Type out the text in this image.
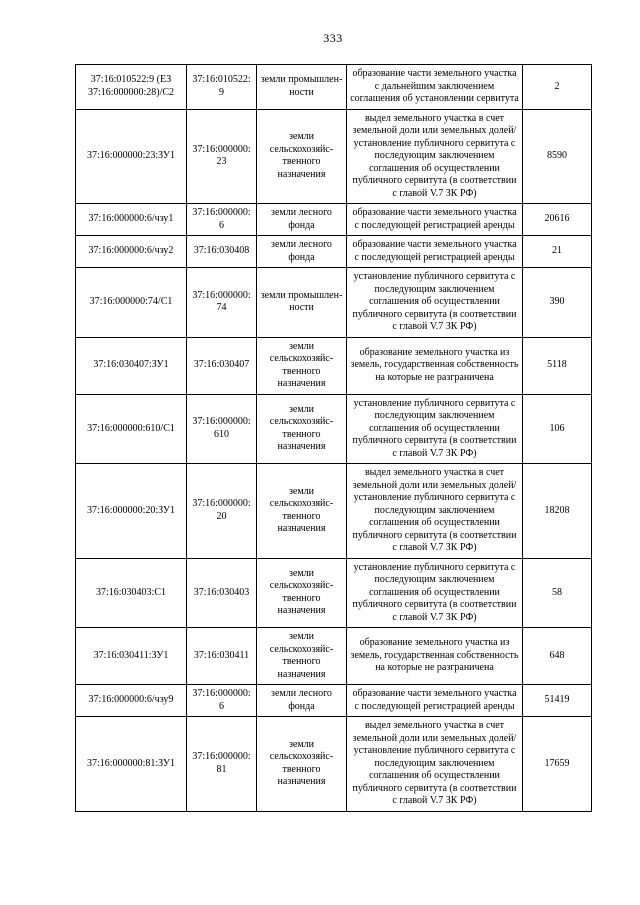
333
37:16:010522:9 (ЕЗ 37:16:000000:28)/С2	37:16:010522:9	земли промышленности	образование части земельного участка с дальнейшим заключением соглашения об установлении сервитута	2
37:16:000000:23:ЗУ1	37:16:000000:23	земли сельскохозяйственного назначения	выдел земельного участка в счет земельной доли или земельных долей/установление публичного сервитута с последующим заключением соглашения об осуществлении публичного сервитута (в соответствии с главой V.7 ЗК РФ)	8590
37:16:000000:6/чзу1	37:16:000000:6	земли лесного фонда	образование части земельного участка с последующей регистрацией аренды	20616
37:16:000000:6/чзу2	37:16:030408	земли лесного фонда	образование части земельного участка с последующей регистрацией аренды	21
37:16:000000:74/С1	37:16:000000:74	земли промышленности	установление публичного сервитута с последующим заключением соглашения об осуществлении публичного сервитута (в соответствии с главой V.7 ЗК РФ)	390
37:16:030407:ЗУ1	37:16:030407	земли сельскохозяйственного назначения	образование земельного участка из земель, государственная собственность на которые не разграничена	5118
37:16:000000:610/С1	37:16:000000:610	земли сельскохозяйственного назначения	установление публичного сервитута с последующим заключением соглашения об осуществлении публичного сервитута (в соответствии с главой V.7 ЗК РФ)	106
37:16:000000:20:ЗУ1	37:16:000000:20	земли сельскохозяйственного назначения	выдел земельного участка в счет земельной доли или земельных долей/установление публичного сервитута с последующим заключением соглашения об осуществлении публичного сервитута (в соответствии с главой V.7 ЗК РФ)	18208
37:16:030403:С1	37:16:030403	земли сельскохозяйственного назначения	установление публичного сервитута с последующим заключением соглашения об осуществлении публичного сервитута (в соответствии с главой V.7 ЗК РФ)	58
37:16:030411:ЗУ1	37:16:030411	земли сельскохозяйственного назначения	образование земельного участка из земель, государственная собственность на которые не разграничена	648
37:16:000000:6/чзу9	37:16:000000:6	земли лесного фонда	образование части земельного участка с последующей регистрацией аренды	51419
37:16:000000:81:ЗУ1	37:16:000000:81	земли сельскохозяйственного назначения	выдел земельного участка в счет земельной доли или земельных долей/установление публичного сервитута с последующим заключением соглашения об осуществлении публичного сервитута (в соответствии с главой V.7 ЗК РФ)	17659
